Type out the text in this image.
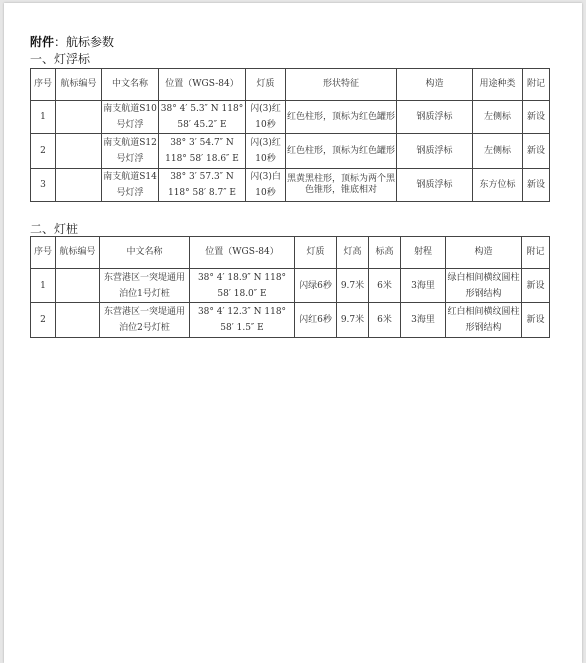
附件：航标参数
一、灯浮标
序号	航标编号	中文名称	位置（WGS-84）	灯质	形状特征	构造	用途种类	附记
1		南支航道S10号灯浮	38° 4′ 5.3″ N 118° 58′ 45.2″ E	闪(3)红10秒	红色柱形，顶标为红色罐形	钢质浮标	左侧标	新设
2		南支航道S12号灯浮	38° 3′ 54.7″ N 118° 58′ 18.6″ E	闪(3)红10秒	红色柱形，顶标为红色罐形	钢质浮标	左侧标	新设
3		南支航道S14号灯浮	38° 3′ 57.3″ N 118° 58′ 8.7″ E	闪(3)白10秒	黑黄黑柱形，顶标为两个黑色锥形，锥底相对	钢质浮标	东方位标	新设
二、灯桩
序号	航标编号	中文名称	位置（WGS-84）	灯质	灯高	标高	射程	构造	附记
1		东营港区一突堤通用泊位1号灯桩	38° 4′ 18.9″ N 118° 58′ 18.0″ E	闪绿6秒	9.7米	6米	3海里	绿白相间横纹圆柱形钢结构	新设
2		东营港区一突堤通用泊位2号灯桩	38° 4′ 12.3″ N 118° 58′ 1.5″ E	闪红6秒	9.7米	6米	3海里	红白相间横纹圆柱形钢结构	新设
